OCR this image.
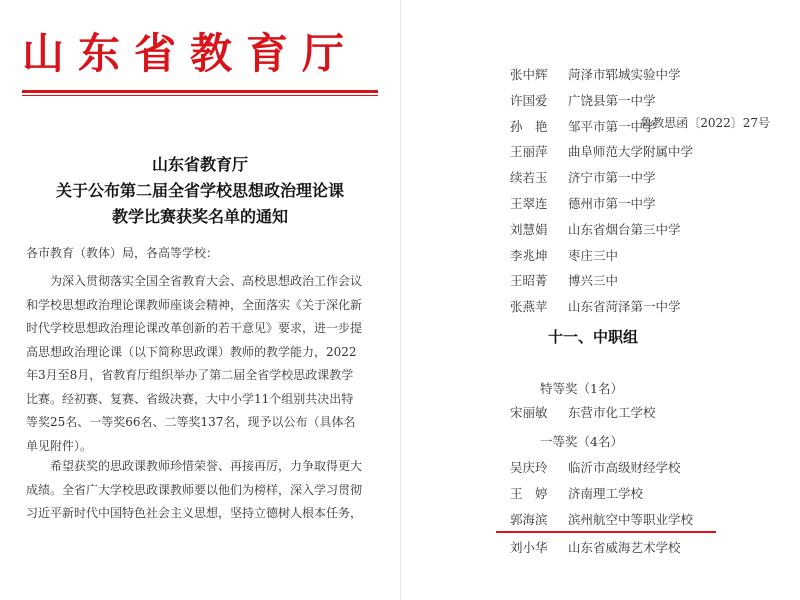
山东省教育厅
鲁教思函〔2022〕27号
山东省教育厅
关于公布第二届全省学校思想政治理论课
教学比赛获奖名单的通知
各市教育（教体）局，各高等学校：
　　为深入贯彻落实全国全省教育大会、高校思想政治工作会议
和学校思想政治理论课教师座谈会精神，全面落实《关于深化新
时代学校思想政治理论课改革创新的若干意见》要求，进一步提
高思想政治理论课（以下简称思政课）教师的教学能力，2022
年3月至8月，省教育厅组织举办了第二届全省学校思政课教学
比赛。经初赛、复赛、省级决赛，大中小学11个组别共决出特
等奖25名、一等奖66名、二等奖137名，现予以公布（具体名
单见附件）。
　　希望获奖的思政课教师珍惜荣誉、再接再厉，力争取得更大
成绩。全省广大学校思政课教师要以他们为榜样，深入学习贯彻
习近平新时代中国特色社会主义思想，坚持立德树人根本任务，
张中辉 菏泽市郓城实验中学
许国爱 广饶县第一中学
孙　艳 邹平市第一中学
王丽萍 曲阜师范大学附属中学
续若玉 济宁市第一中学
王翠连 德州市第一中学
刘慧娟 山东省烟台第三中学
李兆坤 枣庄三中
王昭菁 博兴三中
张燕苹 山东省菏泽第一中学
十一、中职组
特等奖（1名）
宋丽敏 东营市化工学校
一等奖（4名）
吴庆玲 临沂市高级财经学校
王　婷 济南理工学校
郭海滨 滨州航空中等职业学校
刘小华 山东省威海艺术学校
